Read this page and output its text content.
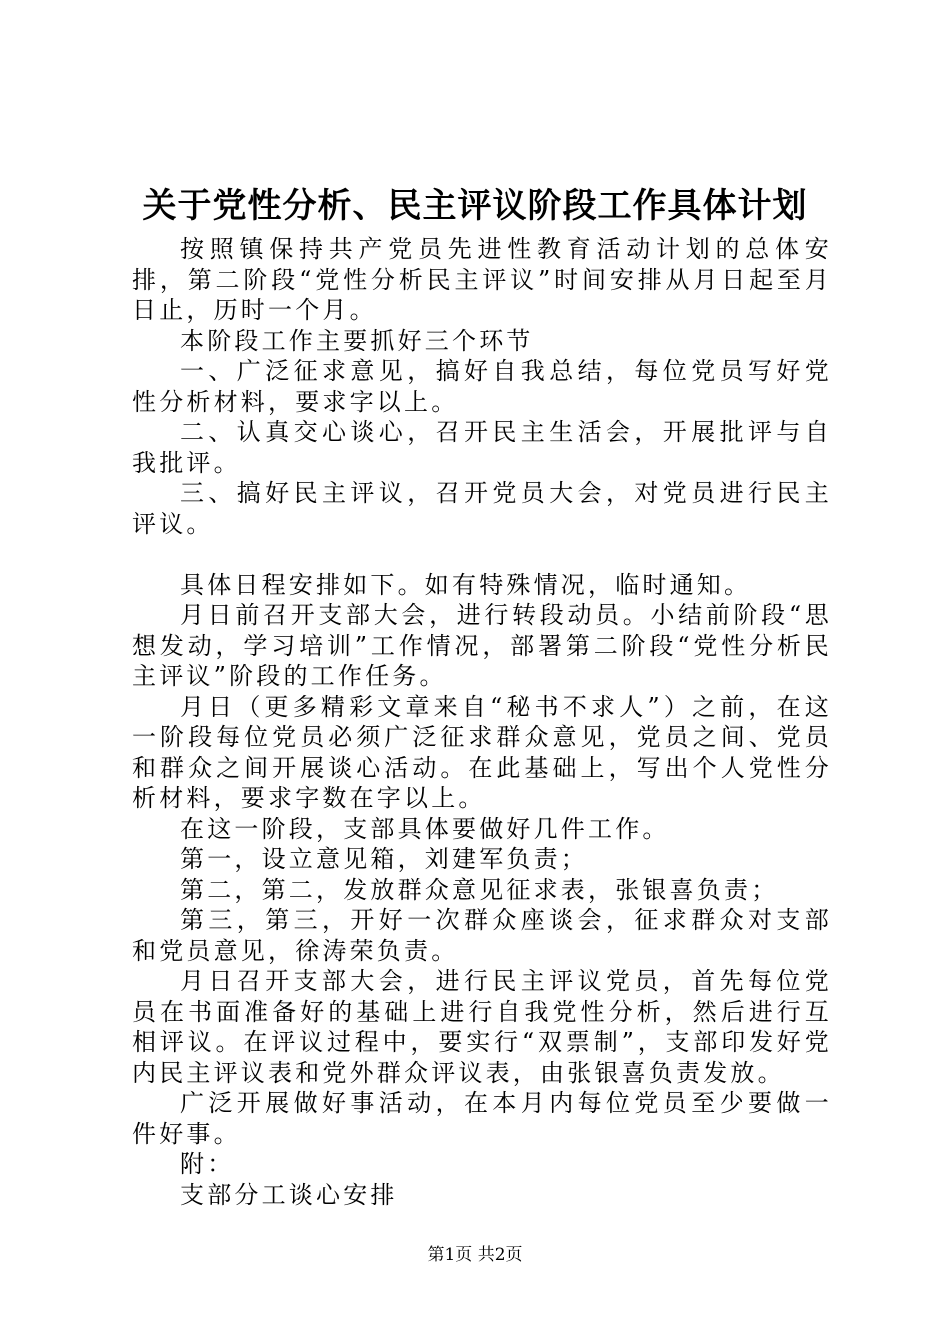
关于党性分析、民主评议阶段工作具体计划

按照镇保持共产党员先进性教育活动计划的总体安排，第二阶段“党性分析民主评议”时间安排从月日起至月日止，历时一个月。

本阶段工作主要抓好三个环节

一、广泛征求意见，搞好自我总结，每位党员写好党性分析材料，要求字以上。

二、认真交心谈心，召开民主生活会，开展批评与自我批评。

三、搞好民主评议，召开党员大会，对党员进行民主评议。

具体日程安排如下。如有特殊情况，临时通知。

月日前召开支部大会，进行转段动员。小结前阶段“思想发动，学习培训”工作情况，部署第二阶段“党性分析民主评议”阶段的工作任务。

月日（更多精彩文章来自“秘书不求人”）之前，在这一阶段每位党员必须广泛征求群众意见，党员之间、党员和群众之间开展谈心活动。在此基础上，写出个人党性分析材料，要求字数在字以上。

在这一阶段，支部具体要做好几件工作。

第一，设立意见箱，刘建军负责；

第二，第二，发放群众意见征求表，张银喜负责；

第三，第三，开好一次群众座谈会，征求群众对支部和党员意见，徐涛荣负责。

月日召开支部大会，进行民主评议党员，首先每位党员在书面准备好的基础上进行自我党性分析，然后进行互相评议。在评议过程中，要实行“双票制”，支部印发好党内民主评议表和党外群众评议表，由张银喜负责发放。

广泛开展做好事活动，在本月内每位党员至少要做一件好事。

附：

支部分工谈心安排

第1页 共2页
